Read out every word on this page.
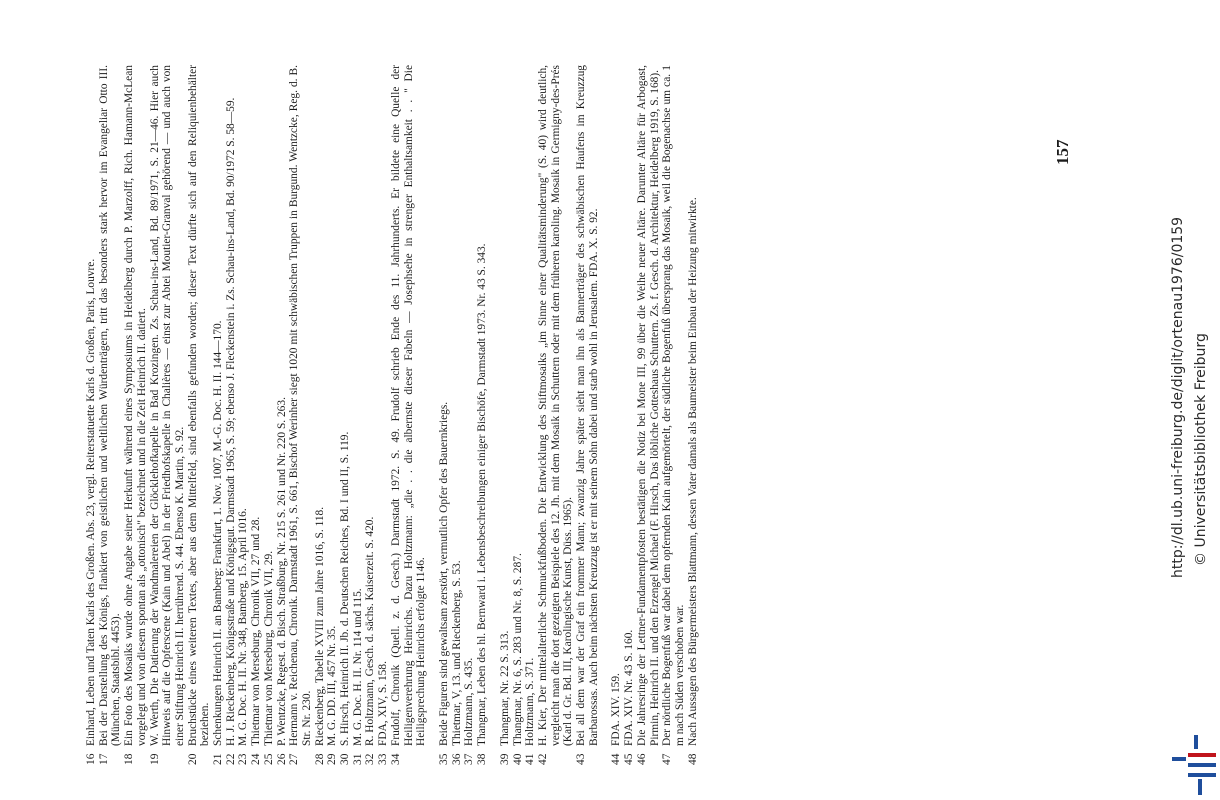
16
Einhard, Leben und Taten Karls des Großen. Abs. 23, vergl. Reiterstatuette Karls d. Großen, Paris, Louvre.
17
Bei der Darstellung des Königs, flankiert von geistlichen und weltlichen Würdenträgern, tritt das besonders stark hervor im Evangeliar Otto III. (München, Staatsbibl. 4453).
18
Ein Foto des Mosaiks wurde ohne Angabe seiner Herkunft während eines Symposiums in Heidelberg durch P. Marzolff, Rich. Hamann-McLean vorgelegt und von diesem spontan als „ottonisch" bezeichnet und in die Zeit Heinrich II. datiert.
19
W. Werth, Die Datierung der Wandmalereien der Glöcklehofkapelle in Bad Krozingen. Zs. Schau-ins-Land, Bd. 89/1971, S. 21—46. Hier auch Hinweis auf die Opferscene (Kain und Abel) in der Friedhofskapelle in Chalières — einst zur Abtei Moutier-Granval gehörend — und auch von einer Stiftung Heinrich II. herrührend. S. 44. Ebenso K. Martin, S. 92.
20
Bruchstücke eines weiteren Textes, aber aus dem Mittelfeld, sind ebenfalls gefunden worden; dieser Text dürfte sich auf den Reliquienbehälter beziehen.
21
Schenkungen Heinrich II. an Bamberg: Frankfurt, 1. Nov. 1007, M.-G. Doc. H. II. 144—170.
22
H. J. Rieckenberg, Königsstraße und Königsgut. Darmstadt 1965, S. 59; ebenso J. Fleckenstein i. Zs. Schau-ins-Land, Bd. 90/1972 S. 58—59.
23
M. G. Doc. H. II. Nr. 348, Bamberg, 15. April 1016.
24
Thietmar von Merseburg, Chronik VII, 27 und 28.
25
Thietmar von Merseburg, Chronik VII, 29.
26
P. Wentzcke, Regest. d. Bisch. Straßburg, Nr. 215 S. 261 und Nr. 220 S. 263.
27
Hermann v. Reichenau, Chronik. Darmstadt 1961, S. 661, Bischof Werinher siegt 1020 mit schwäbischen Truppen in Burgund. Wentzcke, Reg. d. B. Str. Nr. 230.
28
Rieckenberg, Tabelle XVIII zum Jahre 1016, S. 118.
29
M. G. DD. III, 457 Nr. 35.
30
S. Hirsch, Heinrich II. Jb. d. Deutschen Reiches, Bd. I und II, S. 119.
31
M. G. Doc. H. II. Nr. 114 und 115.
32
R. Holtzmann, Gesch. d. sächs. Kaiserzeit. S. 420.
33
FDA, XIV, S. 158.
34
Frudolf, Chronik (Quell. z. d. Gesch.) Darmstadt 1972. S. 49. Frudolf schrieb Ende des 11. Jahrhunderts. Er bildete eine Quelle der Heiligenverehrung Heinrichs. Dazu Holtzmann: „die . . die albernste dieser Fabeln — Josephsehe in strenger Enthaltsamkeit . . " Die Heiligsprechung Heinrichs erfolgte 1146.
35
Beide Figuren sind gewaltsam zerstört, vermutlich Opfer des Bauernkriegs.
36
Thietmar, V, 13. und Rieckenberg, S. 53.
37
Holtzmann, S. 435.
38
Thangmar, Leben des hl. Bernward i. Lebensbeschreibungen einiger Bischöfe, Darmstadt 1973. Nr. 43 S. 343.
39
Thangmar, Nr. 22 S. 313.
40
Thangmar, Nr. 6, S. 283 und Nr. 8, S. 287.
41
Holtzmann, S. 371.
42
H. Kier, Der mittelalterliche Schmuckfußboden. Die Entwicklung des Stiftmosaiks „im Sinne einer Qualitätsminderung" (S. 40) wird deutlich, vergleicht man die dort gezeigten Beispiele des 12. Jh. mit dem Mosaik in Schuttern oder mit dem früheren karoling. Mosaik in Germigny-des-Prés (Karl d. Gr. Bd. III, Karolingische Kunst, Düss. 1965).
43
Bei all dem war der Graf ein frommer Mann; zwanzig Jahre später sieht man ihn als Bannerträger des schwäbischen Haufens im Kreuzzug Barbarossas. Auch beim nächsten Kreuzzug ist er mit seinem Sohn dabei und starb wohl in Jerusalem. FDA. X. S. 92.
44
FDA. XIV. 159.
45
FDA. XIV. Nr. 43 S. 160.
46
Die Jahresringe der Lettner-Fundamentpfosten bestätigen die Notiz bei Mone III, 99 über die Weihe neuer Altäre. Darunter Altäre für Arbogast, Pirmin, Heinrich II. und den Erzengel Michael (F. Hirsch, Das löbliche Gotteshaus Schuttern. Zs. f. Gesch. d. Architektur, Heidelberg 1919, S. 168).
47
Der nördliche Bogenfuß war dabei dem opfernden Kain aufgemörtelt, der südliche Bogenfuß übersprang das Mosaik, weil die Bogenachse um ca. 1 m nach Süden verschoben war.
48
Nach Aussagen des Bürgermeisters Blattmann, dessen Vater damals als Baumeister beim Einbau der Heizung mitwirkte.
157
http://dl.ub.uni-freiburg.de/diglit/ortenau1976/0159 © Universitätsbibliothek Freiburg
